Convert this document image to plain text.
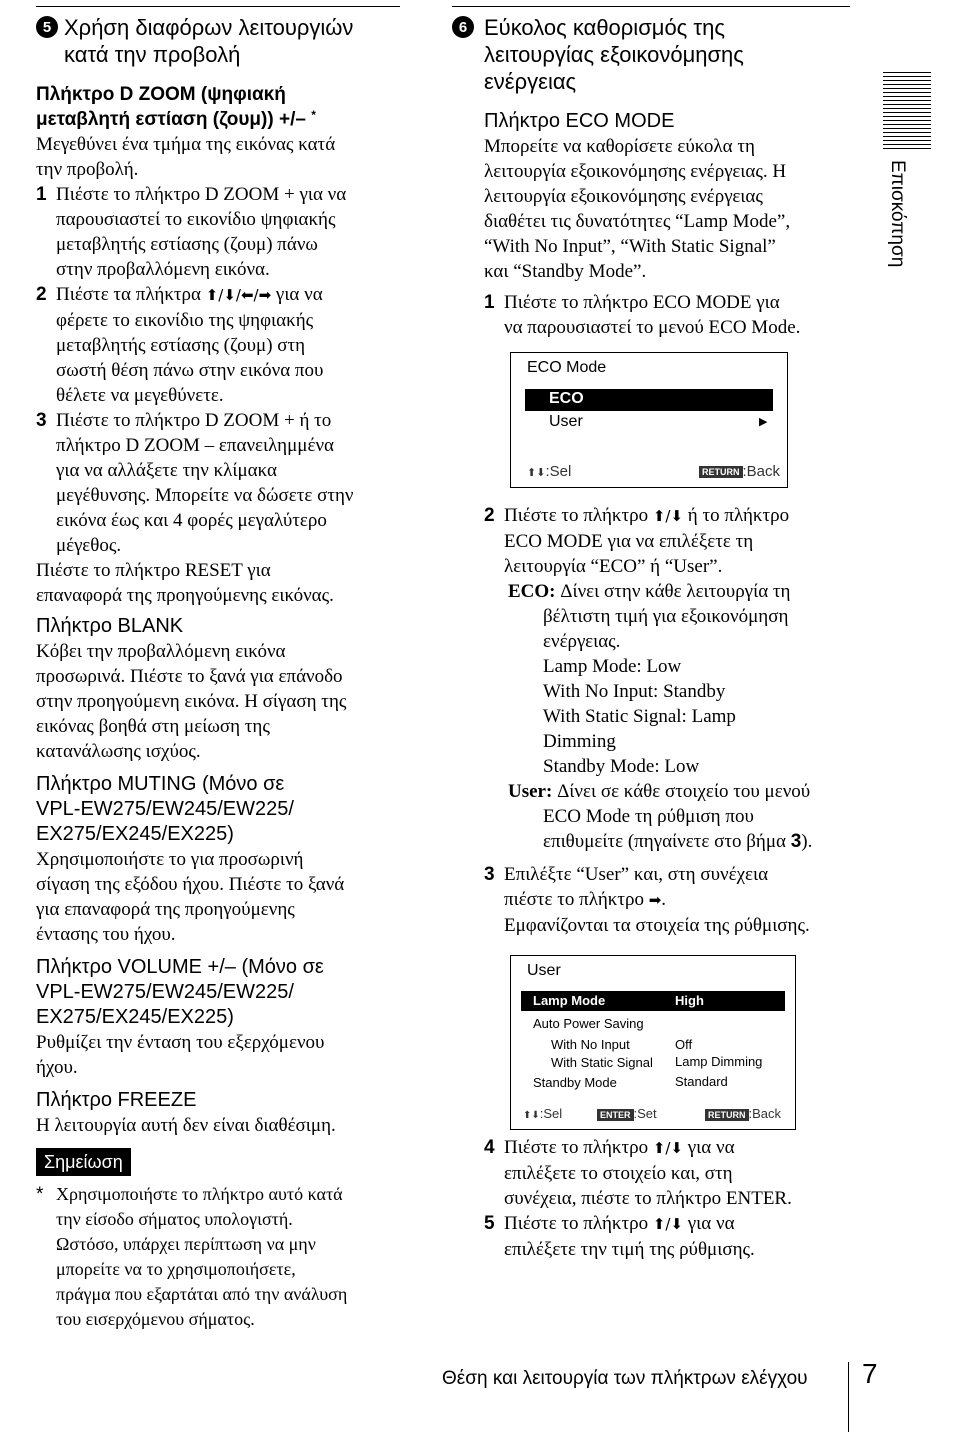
5 Χρήση διαφόρων λειτουργιών
κατά την προβολή
Πλήκτρο D ZOOM (ψηφιακή
μεταβλητή εστίαση (ζουμ)) +/– *
Μεγεθύνει ένα τμήμα της εικόνας κατά
την προβολή.
1 Πιέστε το πλήκτρο D ZOOM + για να
παρουσιαστεί το εικονίδιο ψηφιακής
μεταβλητής εστίασης (ζουμ) πάνω
στην προβαλλόμενη εικόνα.
2 Πιέστε τα πλήκτρα ⬆/⬇/⬅/➡ για να
φέρετε το εικονίδιο της ψηφιακής
μεταβλητής εστίασης (ζουμ) στη
σωστή θέση πάνω στην εικόνα που
θέλετε να μεγεθύνετε.
3 Πιέστε το πλήκτρο D ZOOM + ή το
πλήκτρο D ZOOM – επανειλημμένα
για να αλλάξετε την κλίμακα
μεγέθυνσης. Μπορείτε να δώσετε στην
εικόνα έως και 4 φορές μεγαλύτερο
μέγεθος.
Πιέστε το πλήκτρο RESET για
επαναφορά της προηγούμενης εικόνας.
Πλήκτρο BLANK
Κόβει την προβαλλόμενη εικόνα
προσωρινά. Πιέστε το ξανά για επάνοδο
στην προηγούμενη εικόνα. Η σίγαση της
εικόνας βοηθά στη μείωση της
κατανάλωσης ισχύος.
Πλήκτρο MUTING (Μόνο σε
VPL-EW275/EW245/EW225/
EX275/EX245/EX225)
Χρησιμοποιήστε το για προσωρινή
σίγαση της εξόδου ήχου. Πιέστε το ξανά
για επαναφορά της προηγούμενης
έντασης του ήχου.
Πλήκτρο VOLUME +/– (Μόνο σε
VPL-EW275/EW245/EW225/
EX275/EX245/EX225)
Ρυθμίζει την ένταση του εξερχόμενου
ήχου.
Πλήκτρο FREEZE
Η λειτουργία αυτή δεν είναι διαθέσιμη.
Σημείωση
* Χρησιμοποιήστε το πλήκτρο αυτό κατά
την είσοδο σήματος υπολογιστή.
Ωστόσο, υπάρχει περίπτωση να μην
μπορείτε να το χρησιμοποιήσετε,
πράγμα που εξαρτάται από την ανάλυση
του εισερχόμενου σήματος.
6 Εύκολος καθορισμός της
λειτουργίας εξοικονόμησης
ενέργειας
Πλήκτρο ECO MODE
Μπορείτε να καθορίσετε εύκολα τη
λειτουργία εξοικονόμησης ενέργειας. Η
λειτουργία εξοικονόμησης ενέργειας
διαθέτει τις δυνατότητες “Lamp Mode”,
“With No Input”, “With Static Signal”
και “Standby Mode”.
1 Πιέστε το πλήκτρο ECO MODE για
να παρουσιαστεί το μενού ECO Mode.
ECO Mode
ECO
User	▶
⬆⬇:Sel	RETURN :Back
2 Πιέστε το πλήκτρο ⬆/⬇ ή το πλήκτρο
ECO MODE για να επιλέξετε τη
λειτουργία “ECO” ή “User”.
ECO: Δίνει στην κάθε λειτουργία τη
βέλτιστη τιμή για εξοικονόμηση
ενέργειας.
Lamp Mode: Low
With No Input: Standby
With Static Signal: Lamp
Dimming
Standby Mode: Low
User: Δίνει σε κάθε στοιχείο του μενού
ECO Mode τη ρύθμιση που
επιθυμείτε (πηγαίνετε στο βήμα 3).
3 Επιλέξτε “User” και, στη συνέχεια
πιέστε το πλήκτρο ➡.
Εμφανίζονται τα στοιχεία της ρύθμισης.
User
Lamp Mode	High
Auto Power Saving
With No Input	Off
With Static Signal Lamp Dimming
Standby Mode	Standard
⬆⬇:Sel	ENTER :Set	RETURN :Back
4 Πιέστε το πλήκτρο ⬆/⬇ για να
επιλέξετε το στοιχείο και, στη
συνέχεια, πιέστε το πλήκτρο ENTER.
5 Πιέστε το πλήκτρο ⬆/⬇ για να
επιλέξετε την τιμή της ρύθμισης.
Επισκόπηση
Θέση και λειτουργία των πλήκτρων ελέγχου 7
